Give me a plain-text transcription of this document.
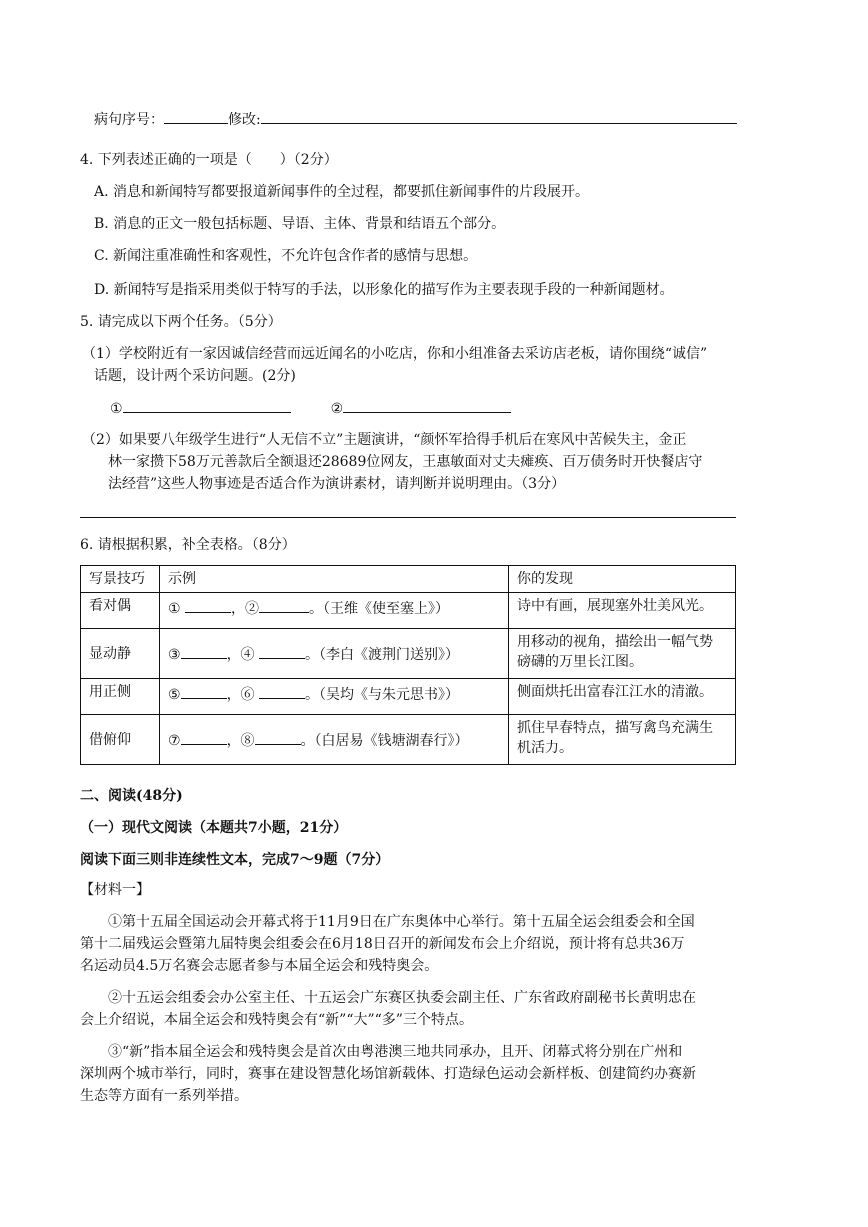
病句序号：	修改:
4. 下列表述正确的一项是（　　）（2分）
A. 消息和新闻特写都要报道新闻事件的全过程，都要抓住新闻事件的片段展开。
B. 消息的正文一般包括标题、导语、主体、背景和结语五个部分。
C. 新闻注重准确性和客观性，不允许包含作者的感情与思想。
D. 新闻特写是指采用类似于特写的手法，以形象化的描写作为主要表现手段的一种新闻题材。
5. 请完成以下两个任务。（5分）
（1）学校附近有一家因诚信经营而远近闻名的小吃店，你和小组准备去采访店老板，请你围绕“诚信”
话题，设计两个采访问题。(2分)
①	②
（2）如果要八年级学生进行“人无信不立”主题演讲，“颜怀军拾得手机后在寒风中苦候失主，金正
林一家攒下58万元善款后全额退还28689位网友，王惠敏面对丈夫瘫痪、百万债务时开快餐店守
法经营”这些人物事迹是否适合作为演讲素材，请判断并说明理由。（3分）
6. 请根据积累，补全表格。（8分）
写景技巧	示例	你的发现
看对偶	① ，② 。（王维《使至塞上》）	诗中有画，展现塞外壮美风光。
显动静	③ ，④ 。（李白《渡荆门送别》）	用移动的视角，描绘出一幅气势
磅礴的万里长江图。

用正侧	⑤ ，⑥ 。（吴均《与朱元思书》）	侧面烘托出富春江江水的清澈。
借俯仰	⑦ ，⑧ 。（白居易《钱塘湖春行》）	抓住早春特点，描写禽鸟充满生
机活力。
二、阅读(48分)
（一）现代文阅读（本题共7小题，21分）
阅读下面三则非连续性文本，完成7～9题（7分）
【材料一】
①第十五届全国运动会开幕式将于11月9日在广东奥体中心举行。第十五届全运会组委会和全国
第十二届残运会暨第九届特奥会组委会在6月18日召开的新闻发布会上介绍说，预计将有总共36万
名运动员4.5万名赛会志愿者参与本届全运会和残特奥会。
②十五运会组委会办公室主任、十五运会广东赛区执委会副主任、广东省政府副秘书长黄明忠在
会上介绍说，本届全运会和残特奥会有“新”“大”“多”三个特点。
③“新”指本届全运会和残特奥会是首次由粤港澳三地共同承办，且开、闭幕式将分别在广州和
深圳两个城市举行，同时，赛事在建设智慧化场馆新载体、打造绿色运动会新样板、创建简约办赛新
生态等方面有一系列举措。
